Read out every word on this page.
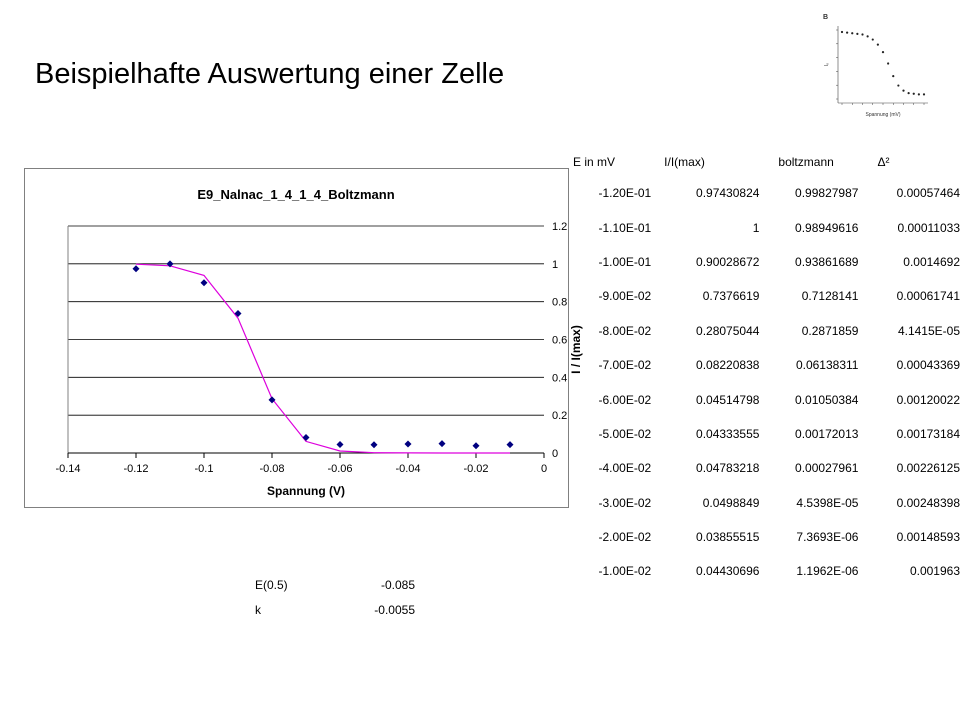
Beispielhafte Auswertung einer Zelle
B
Spannung (mV)
Iₒ
E9_Nalnac_1_4_1_4_Boltzmann
0
0.2
0.4
0.6
0.8
1
1.2
-0.14	-0.12	-0.1	-0.08	-0.06	-0.04	-0.02	0
Spannung (V)
I / I(max)
E(0.5)	-0.085
k	-0.0055
E in mV	I/I(max)	boltzmann	Δ²
-1.20E-01	0.97430824	0.99827987	0.00057464
-1.10E-01	1	0.98949616	0.00011033
-1.00E-01	0.90028672	0.93861689	0.0014692
-9.00E-02	0.7376619	0.7128141	0.00061741
-8.00E-02	0.28075044	0.2871859	4.1415E-05
-7.00E-02	0.08220838	0.06138311	0.00043369
-6.00E-02	0.04514798	0.01050384	0.00120022
-5.00E-02	0.04333555	0.00172013	0.00173184
-4.00E-02	0.04783218	0.00027961	0.00226125
-3.00E-02	0.0498849	4.5398E-05	0.00248398
-2.00E-02	0.03855515	7.3693E-06	0.00148593
-1.00E-02	0.04430696	1.1962E-06	0.001963
